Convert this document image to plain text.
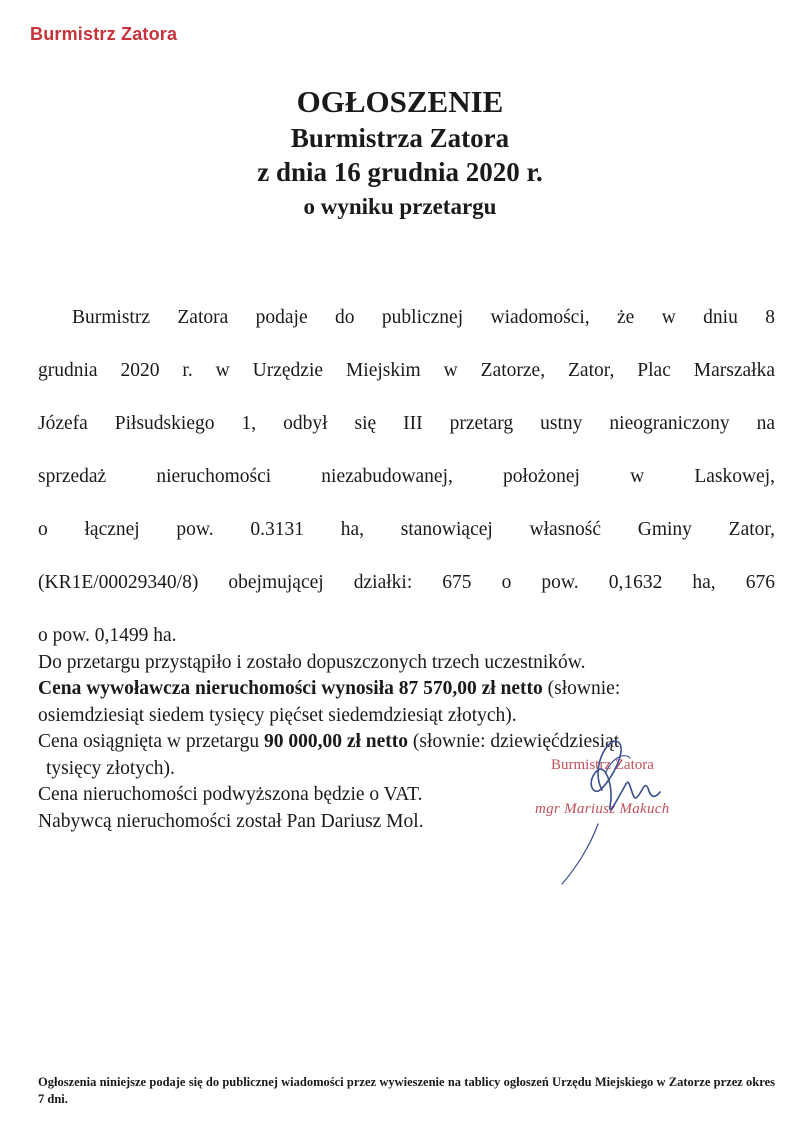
Burmistrz Zatora
OGŁOSZENIE
Burmistrza Zatora
z dnia 16 grudnia 2020 r.
o wyniku przetargu

Burmistrz Zatora podaje do publicznej wiadomości, że w dniu 8

grudnia 2020 r. w Urzędzie Miejskim w Zatorze, Zator, Plac Marszałka

Józefa Piłsudskiego 1, odbył się III przetarg ustny nieograniczony na

sprzedaż nieruchomości niezabudowanej, położonej w Laskowej,

o łącznej pow. 0.3131 ha, stanowiącej własność Gminy Zator,

(KR1E/00029340/8) obejmującej działki: 675 o pow. 0,1632 ha, 676

o pow. 0,1499 ha.

Do przetargu przystąpiło i zostało dopuszczonych trzech uczestników.

Cena wywoławcza nieruchomości wynosiła 87 570,00 zł netto (słownie:

osiemdziesiąt siedem tysięcy pięćset siedemdziesiąt złotych).

Cena osiągnięta w przetargu 90 000,00 zł netto (słownie: dziewięćdziesiąt

tysięcy złotych).

Cena nieruchomości podwyższona będzie o VAT.

Nabywcą nieruchomości został Pan Dariusz Mol.

Burmistrz Zatora
mgr Mariusz Makuch
Ogłoszenia niniejsze podaje się do publicznej wiadomości przez wywieszenie na tablicy ogłoszeń Urzędu Miejskiego w Zatorze przez okres 7 dni.
